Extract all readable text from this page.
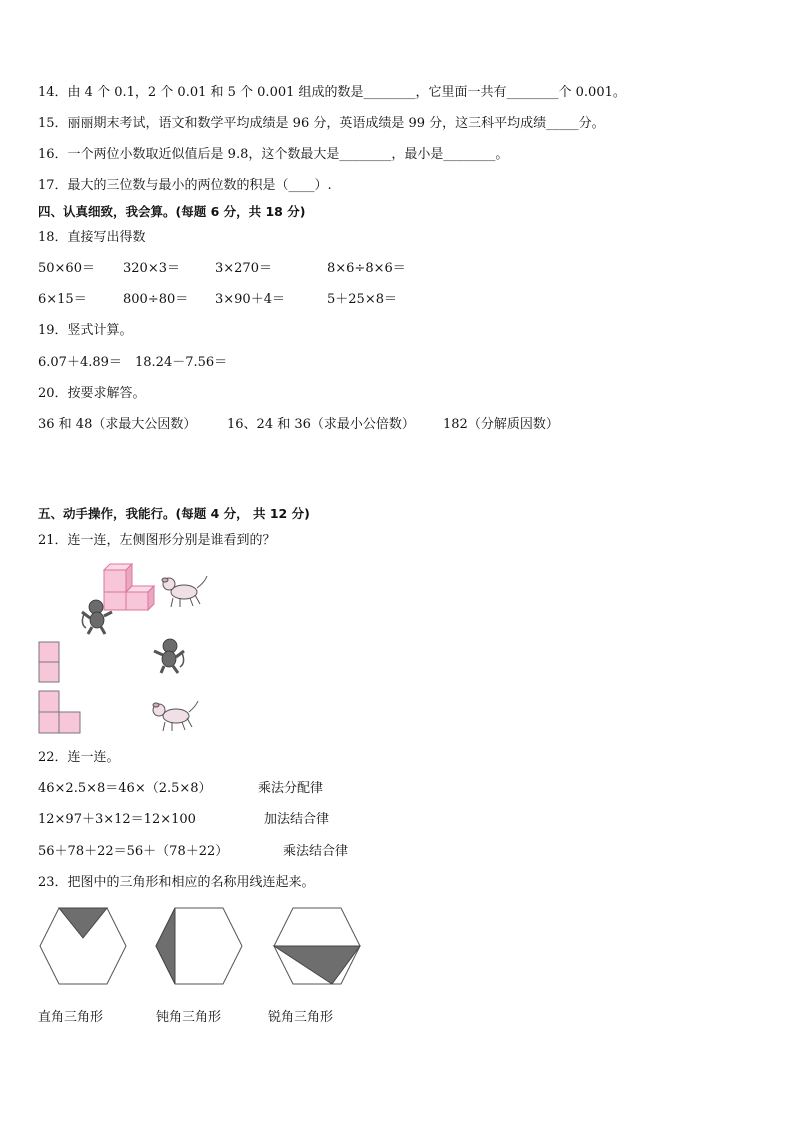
14．由 4 个 0.1，2 个 0.01 和 5 个 0.001 组成的数是________，它里面一共有________个 0.001。
15．丽丽期末考试，语文和数学平均成绩是 96 分，英语成绩是 99 分，这三科平均成绩_____分。
16．一个两位小数取近似值后是 9.8，这个数最大是________，最小是________。
17．最大的三位数与最小的两位数的积是（____）.
四、认真细致，我会算。(每题 6 分，共 18 分)
18．直接写出得数
50×60＝ 320×3＝	3×270＝	8×6÷8×6＝
6×15＝	800÷80＝ 3×90＋4＝	5＋25×8＝
19．竖式计算。
6.07＋4.89＝ 18.24－7.56＝
20．按要求解答。
36 和 48（求最大公因数） 16、24 和 36（求最小公倍数） 182（分解质因数）
五、动手操作，我能行。(每题 4 分， 共 12 分)
21．连一连，左侧图形分别是谁看到的？
22．连一连。
46×2.5×8＝46×（2.5×8）	乘法分配律
12×97＋3×12＝12×100	加法结合律
56＋78＋22＝56＋（78＋22）	乘法结合律
23．把图中的三角形和相应的名称用线连起来。
直角三角形	钝角三角形	锐角三角形
